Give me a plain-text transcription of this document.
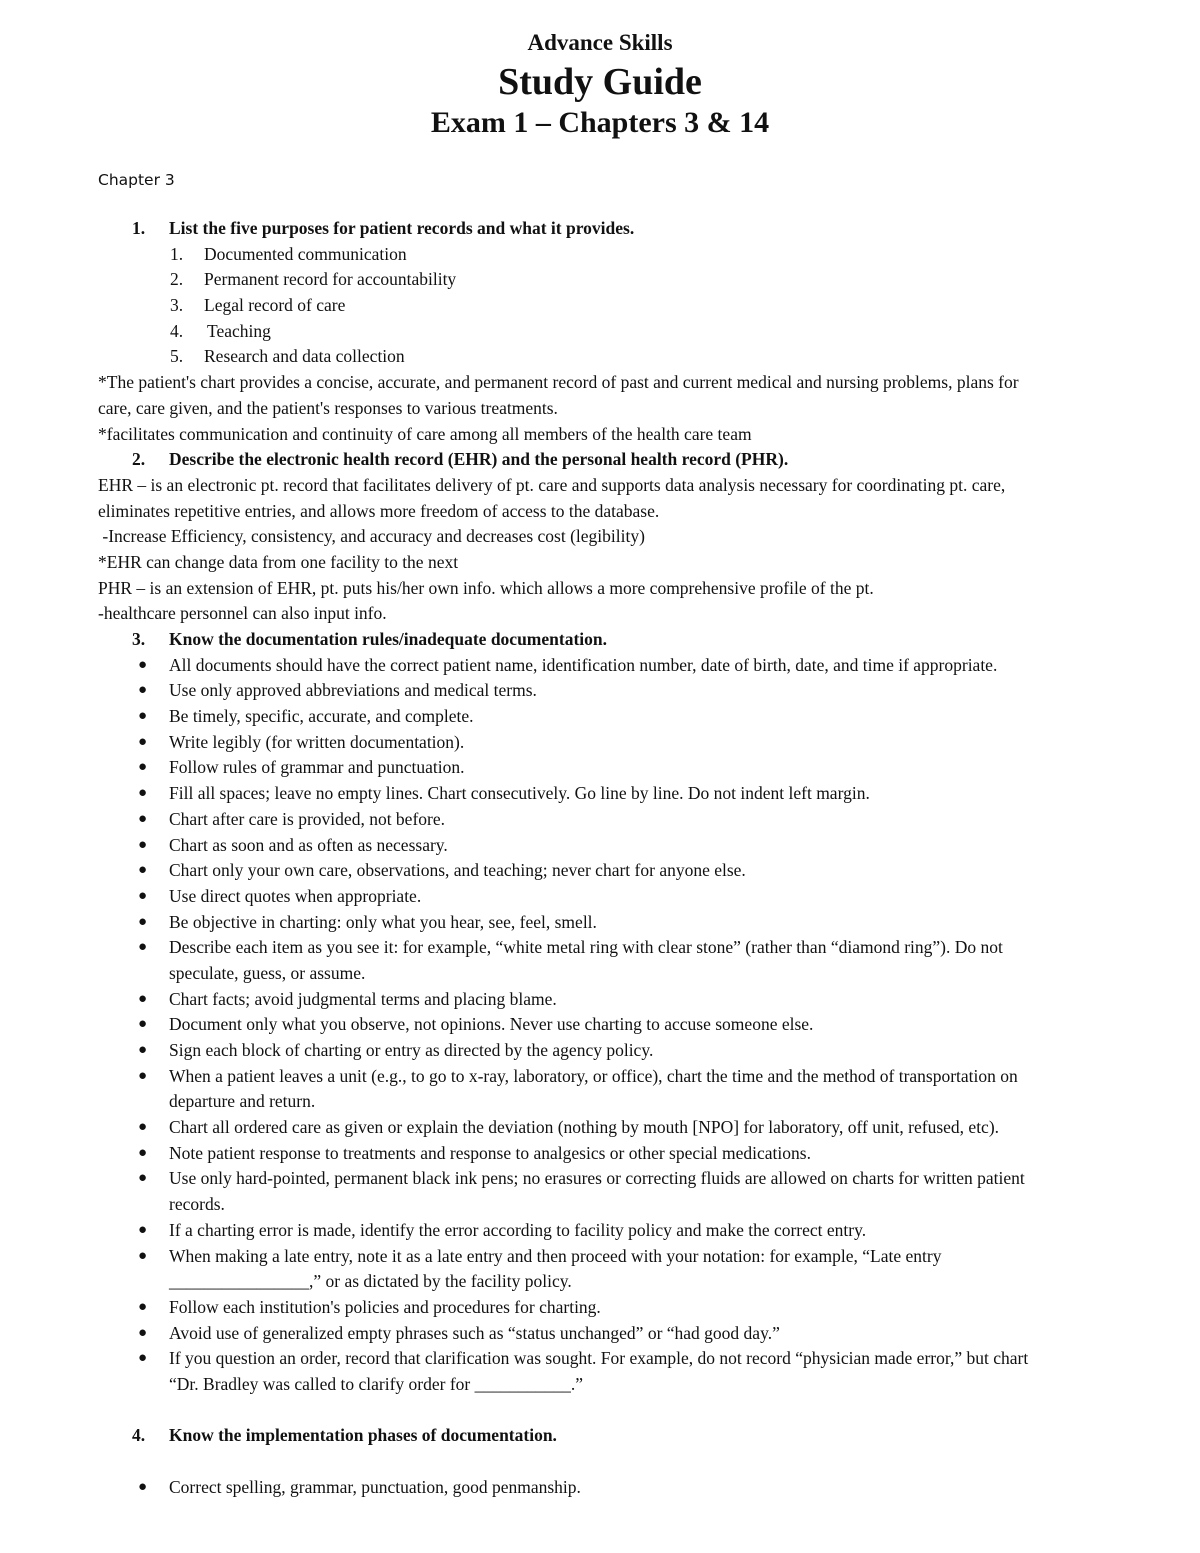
Advance Skills
Study Guide
Exam 1 – Chapters 3 & 14
Chapter 3
1. List the five purposes for patient records and what it provides.
1. Documented communication
2. Permanent record for accountability
3. Legal record of care
4. Teaching
5. Research and data collection
*The patient's chart provides a concise, accurate, and permanent record of past and current medical and nursing problems, plans for
care, care given, and the patient's responses to various treatments.
*facilitates communication and continuity of care among all members of the health care team
2. Describe the electronic health record (EHR) and the personal health record (PHR).
EHR – is an electronic pt. record that facilitates delivery of pt. care and supports data analysis necessary for coordinating pt. care,
eliminates repetitive entries, and allows more freedom of access to the database.
-Increase Efficiency, consistency, and accuracy and decreases cost (legibility)
*EHR can change data from one facility to the next
PHR – is an extension of EHR, pt. puts his/her own info. which allows a more comprehensive profile of the pt.
-healthcare personnel can also input info.
3. Know the documentation rules/inadequate documentation.
● All documents should have the correct patient name, identification number, date of birth, date, and time if appropriate.
● Use only approved abbreviations and medical terms.
● Be timely, specific, accurate, and complete.
● Write legibly (for written documentation).
● Follow rules of grammar and punctuation.
● Fill all spaces; leave no empty lines. Chart consecutively. Go line by line. Do not indent left margin.
● Chart after care is provided, not before.
● Chart as soon and as often as necessary.
● Chart only your own care, observations, and teaching; never chart for anyone else.
● Use direct quotes when appropriate.
● Be objective in charting: only what you hear, see, feel, smell.
● Describe each item as you see it: for example, “white metal ring with clear stone” (rather than “diamond ring”). Do not
speculate, guess, or assume.
● Chart facts; avoid judgmental terms and placing blame.
● Document only what you observe, not opinions. Never use charting to accuse someone else.
● Sign each block of charting or entry as directed by the agency policy.
● When a patient leaves a unit (e.g., to go to x-ray, laboratory, or office), chart the time and the method of transportation on
departure and return.
● Chart all ordered care as given or explain the deviation (nothing by mouth [NPO] for laboratory, off unit, refused, etc).
● Note patient response to treatments and response to analgesics or other special medications.
● Use only hard-pointed, permanent black ink pens; no erasures or correcting fluids are allowed on charts for written patient
records.
● If a charting error is made, identify the error according to facility policy and make the correct entry.
● When making a late entry, note it as a late entry and then proceed with your notation: for example, “Late entry
________________,” or as dictated by the facility policy.
● Follow each institution's policies and procedures for charting.
● Avoid use of generalized empty phrases such as “status unchanged” or “had good day.”
● If you question an order, record that clarification was sought. For example, do not record “physician made error,” but chart
“Dr. Bradley was called to clarify order for ___________.”
4. Know the implementation phases of documentation.
● Correct spelling, grammar, punctuation, good penmanship.
